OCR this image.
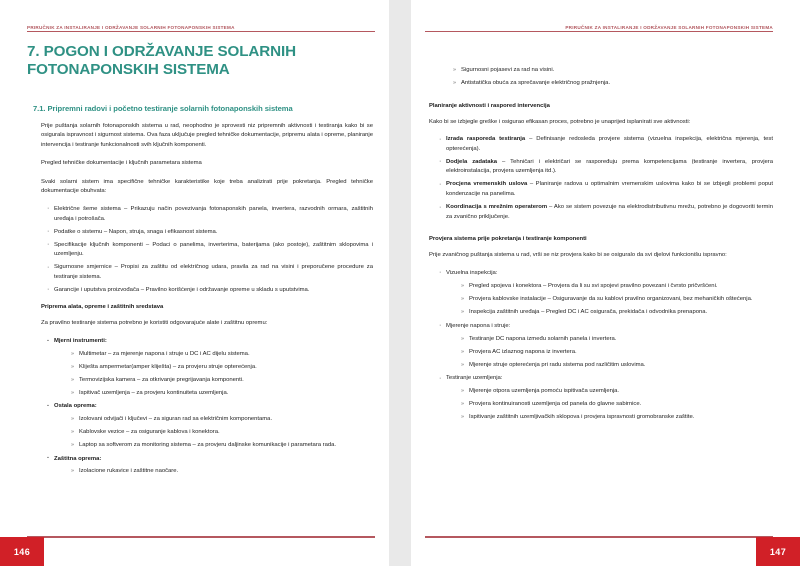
PRIRUČNIK ZA INSTALIRANJE I ODRŽAVANJE SOLARNIH FOTONAPONSKIH SISTEMA
7. POGON I ODRŽAVANJE SOLARNIH FOTONAPONSKIH SISTEMA
7.1. Pripremni radovi i početno testiranje solarnih fotonaponskih sistema

Prije puštanja solarnih fotonaponskih sistema u rad, neophodno je sprovesti niz pripremnih aktivnosti i testiranja kako bi se osigurala ispravnost i sigurnost sistema. Ova faza uključuje pregled tehničke dokumentacije, pripremu alata i opreme, planiranje intervencija i testiranje funkcionalnosti svih ključnih komponenti.

Pregled tehničke dokumentacije i ključnih parametara sistema

Svaki solarni sistem ima specifične tehničke karakteristike koje treba analizirati prije pokretanja. Pregled tehničke dokumentacije obuhvata:

· Električne šeme sistema – Prikazuju način povezivanja fotonaponskih panela, invertera, razvodnih ormara, zaštitnih uređaja i potrošača.
· Podatke o sistemu – Napon, struja, snaga i efikasnost sistema.
· Specifikacije ključnih komponenti – Podaci o panelima, inverterima, baterijama (ako postoje), zaštitnim sklopovima i uzemljenju.
· Sigurnosne smjernice – Propisi za zaštitu od električnog udara, pravila za rad na visini i preporučene procedure za testiranje sistema.
· Garancije i uputstva proizvođača – Pravilno korišćenje i održavanje opreme u skladu s uputstvima.

Priprema alata, opreme i zaštitnih sredstava

Za pravilno testiranje sistema potrebno je koristiti odgovarajuće alate i zaštitnu opremu:

· Mjerni instrumenti:
» Multimetar – za mjerenje napona i struje u DC i AC dijelu sistema.
» Kliješta ampermetar(amper kliješta) – za provjeru struje opterećenja.
» Termovizijska kamera – za otkrivanje pregrijavanja komponenti.
» Ispitivač uzemljenja – za provjeru kontinuiteta uzemljenja.
· Ostala oprema:
» Izolovani odvijači i ključevi – za siguran rad sa električnim komponentama.
» Kablovske vezice – za osiguranje kablova i konektora.
» Laptop sa softverom za monitoring sistema – za provjeru daljinske komunikacije i parametara rada.
· Zaštitna oprema:
» Izolacione rukavice i zaštitne naočare.
146
PRIRUČNIK ZA INSTALIRANJE I ODRŽAVANJE SOLARNIH FOTONAPONSKIH SISTEMA
» Sigurnosni pojasevi za rad na visini.
» Antistatička obuća za sprečavanje električnog pražnjenja.

Planiranje aktivnosti i raspored intervencija

Kako bi se izbjegle greške i osigurao efikasan proces, potrebno je unaprijed isplanirati sve aktivnosti:

· Izrada rasporeda testiranja – Definisanje redosleda provjere sistema (vizuelna inspekcija, električna mjerenja, test opterećenja).
· Dodjela zadataka – Tehničari i električari se raspoređuju prema kompetencijama (testiranje invertera, provjera elektroinstalacija, provjera uzemljenja itd.).
· Procjena vremenskih uslova – Planiranje radova u optimalnim vremenskim uslovima kako bi se izbjegli problemi poput kondenzacije na panelima.
· Koordinacija s mrežnim operaterom – Ako se sistem povezuje na elektrodistributivnu mrežu, potrebno je dogovoriti termin za zvanično priključenje.

Provjera sistema prije pokretanja i testiranje komponenti

Prije zvaničnog puštanja sistema u rad, vrši se niz provjera kako bi se osiguralo da svi djelovi funkcionišu ispravno:

· Vizuelna inspekcija:
» Pregled spojeva i konektora – Provjera da li su svi spojevi pravilno povezani i čvrsto pričvršćeni.
» Provjera kablovske instalacije – Osiguravanje da su kablovi pravilno organizovani, bez mehaničkih oštećenja.
» Inspekcija zaštitnih uređaja – Pregled DC i AC osigurača, prekidača i odvodnika prenapona.
· Mjerenje napona i struje:
» Testiranje DC napona između solarnih panela i invertera.
» Provjera AC izlaznog napona iz invertera.
» Mjerenje struje opterećenja pri radu sistema pod različitim uslovima.
· Testiranje uzemljenja:
» Mjerenje otpora uzemljenja pomoću ispitivača uzemljenja.
» Provjera kontinuiranosti uzemljenja od panela do glavne sabirnice.
» Ispitivanje zaštitnih uzemljivačkih sklopova i provjera ispravnosti gromobranske zaštite.
147
